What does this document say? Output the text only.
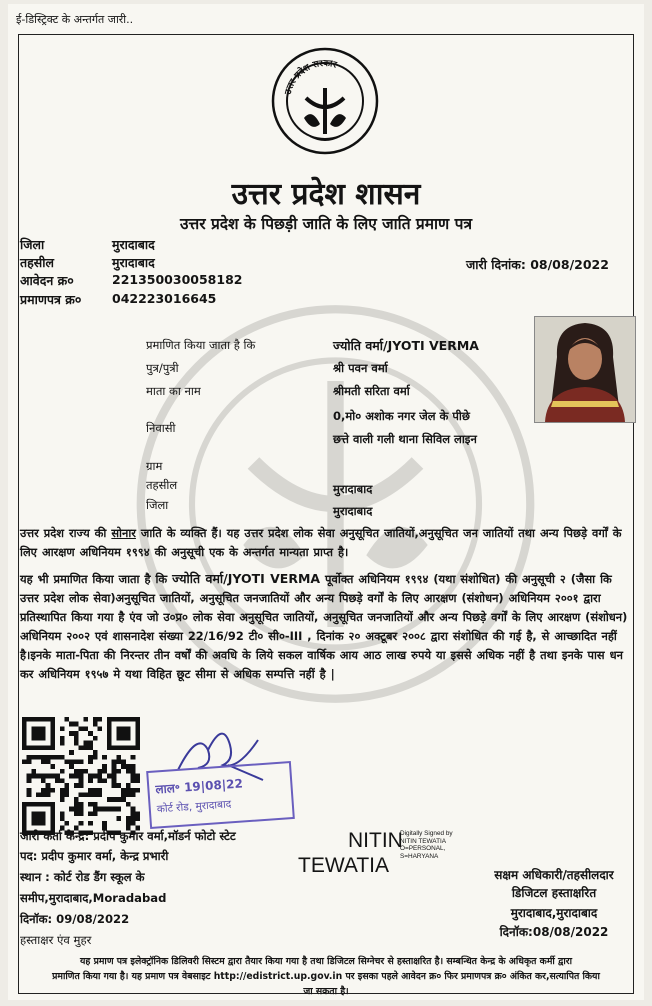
ई-डिस्ट्रिक्ट के अन्तर्गत जारी..
उत्तर प्रदेश सरकार
उत्तर प्रदेश शासन
उत्तर प्रदेश के पिछड़ी जाति के लिए जाति प्रमाण पत्र
जिला	मुरादाबाद
तहसील	मुरादाबाद
आवेदन क्र०	221350030058182
प्रमाणपत्र क्र० 042223016645
जारी दिनांक: 08/08/2022
प्रमाणित किया जाता है कि	ज्योति वर्मा/JYOTI VERMA
पुत्र/पुत्री	श्री पवन वर्मा
माता का नाम	श्रीमती सरिता वर्मा
निवासी
0,मो० अशोक नगर जेल के पीछे
छत्ते वाली गली थाना सिविल लाइन
ग्राम
तहसील	मुरादाबाद
जिला	मुरादाबाद
उत्तर प्रदेश राज्य की सोनार जाति के व्यक्ति हैं। यह उत्तर प्रदेश लोक सेवा अनुसूचित जातियों,अनुसूचित जन जातियों तथा अन्य पिछड़े वर्गों के लिए आरक्षण अधिनियम १९९४ की अनुसूची एक के अन्तर्गत मान्यता प्राप्त है।
यह भी प्रमाणित किया जाता है कि ज्योति वर्मा/JYOTI VERMA पूर्वोक्त अधिनियम १९९४ (यथा संशोधित) की अनुसूची २ (जैसा कि उत्तर प्रदेश लोक सेवा)अनुसूचित जातियों, अनुसूचित जनजातियों और अन्य पिछड़े वर्गों के लिए आरक्षण (संशोधन) अधिनियम २००१ द्वारा प्रतिस्थापित किया गया है एंव जो उ०प्र० लोक सेवा अनुसूचित जातियों, अनुसूचित जनजातियों और अन्य पिछड़े वर्गों के लिए आरक्षण (संशोधन) अधिनियम २००२ एवं शासनादेश संख्या 22/16/92 टी० सी०-III , दिनांक २० अक्टूबर २००८ द्वारा संशोधित की गई है, से आच्छादित नहीं है।इनके माता-पिता की निरन्तर तीन वर्षों की अवधि के लिये सकल वार्षिक आय आठ लाख रुपये या इससे अधिक नहीं है तथा इनके पास धन कर अधिनियम १९५७ मे यथा विहित छूट सीमा से अधिक सम्पत्ति नहीं है |
लाल॰ 19|08|22
कोर्ट रोड, मुरादाबाद
जारी कर्ता केन्द्र: प्रदीप कुमार वर्मा,मॉडर्न फोटो स्टेट
पद: प्रदीप कुमार वर्मा, केन्द्र प्रभारी
स्थान : कोर्ट रोड डैंग स्कूल के
समीप,मुरादाबाद,Moradabad
दिनॉक: 09/08/2022
हस्ताक्षर एंव मुहर
NITIN
TEWATIA
Digitally Signed by
NITIN TEWATIA
O=PERSONAL,
S=HARYANA
सक्षम अधिकारी/तहसीलदार
डिजिटल हस्ताक्षरित
मुरादाबाद,मुरादाबाद
दिनॉक:08/08/2022
यह प्रमाण पत्र इलेक्ट्रॉनिक डिलिवरी सिस्टम द्वारा तैयार किया गया है तथा डिजिटल सिग्नेचर से हस्ताक्षरित है। सम्बन्धित केन्द्र के अधिकृत कर्मी द्वारा
प्रमाणित किया गया है। यह प्रमाण पत्र वेबसाइट http://edistrict.up.gov.in पर इसका पहले आवेदन क्र० फिर प्रमाणपत्र क्र० अंकित कर,सत्यापित किया
जा सकता है।
